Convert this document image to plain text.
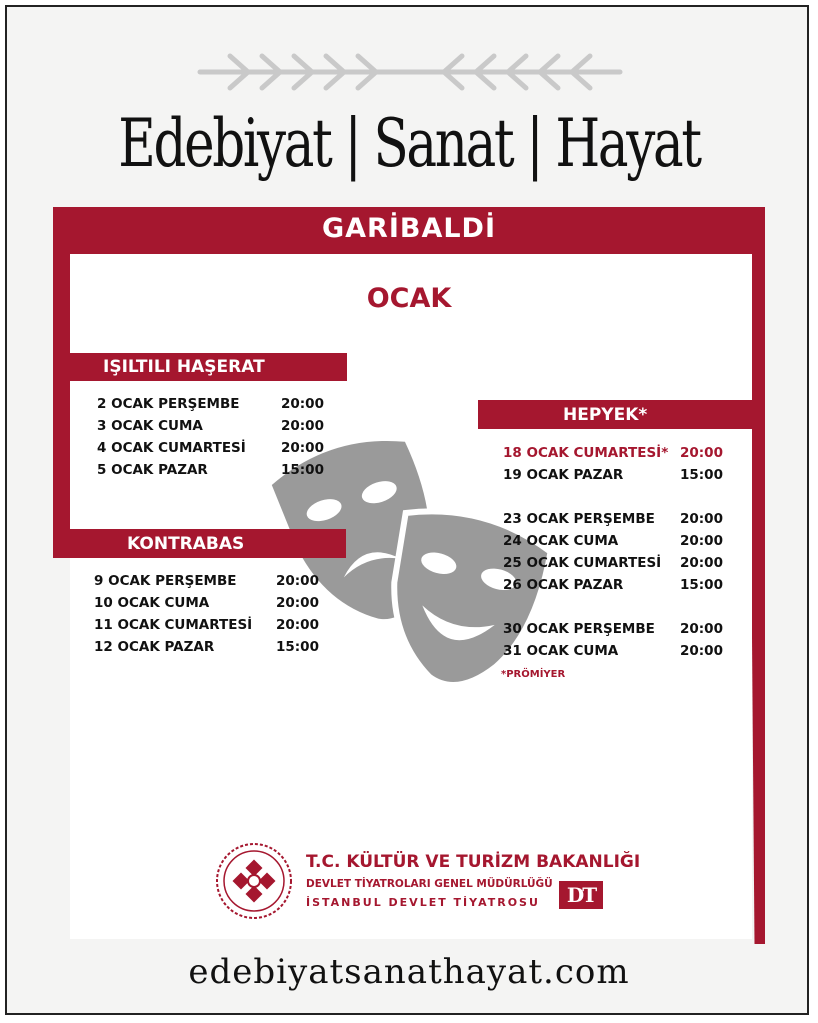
Edebiyat | Sanat | Hayat
GARİBALDİ
OCAK
IŞILTILI HAŞERAT
2 OCAK PERŞEMBE	20:00
3 OCAK CUMA	20:00
4 OCAK CUMARTESİ	20:00
5 OCAK PAZAR	15:00
KONTRABAS
9 OCAK PERŞEMBE	20:00
10 OCAK CUMA	20:00
11 OCAK CUMARTESİ 20:00
12 OCAK PAZAR	15:00
HEPYEK*
18 OCAK CUMARTESİ* 20:00
19 OCAK PAZAR	15:00
23 OCAK PERŞEMBE 20:00
24 OCAK CUMA	20:00
25 OCAK CUMARTESİ 20:00
26 OCAK PAZAR	15:00
30 OCAK PERŞEMBE 20:00
31 OCAK CUMA	20:00
*PRÖMİYER
T.C. KÜLTÜR VE TURİZM BAKANLIĞI
DEVLET TİYATROLARI GENEL MÜDÜRLÜĞÜ
İSTANBUL DEVLET TİYATROSU	DT
edebiyatsanathayat.com
